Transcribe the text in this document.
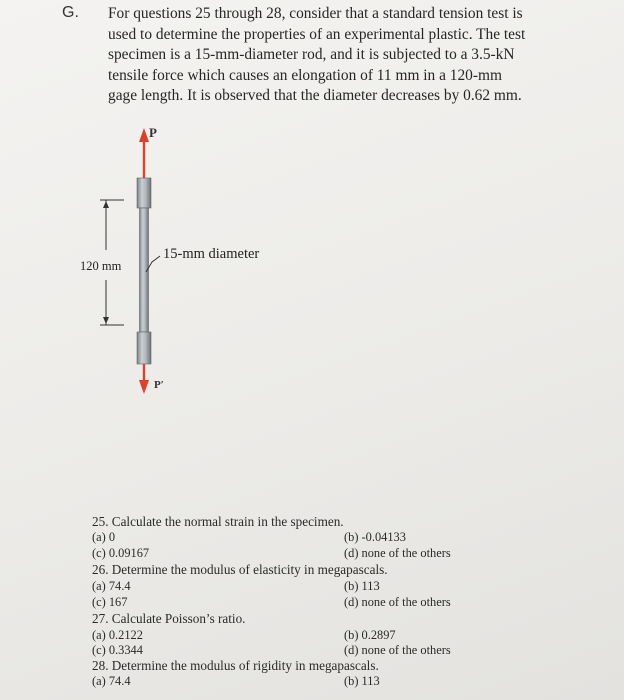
G. For questions 25 through 28, consider that a standard tension test is
used to determine the properties of an experimental plastic. The test
specimen is a 15-mm-diameter rod, and it is subjected to a 3.5-kN
tensile force which causes an elongation of 11 mm in a 120-mm
gage length. It is observed that the diameter decreases by 0.62 mm.
P
P′
15-mm diameter
120 mm
25. Calculate the normal strain in the specimen.
(a) 0	(b) -0.04133
(c) 0.09167	(d) none of the others
26. Determine the modulus of elasticity in megapascals.
(a) 74.4	(b) 113
(c) 167	(d) none of the others
27. Calculate Poisson’s ratio.
(a) 0.2122	(b) 0.2897
(c) 0.3344	(d) none of the others
28. Determine the modulus of rigidity in megapascals.
(a) 74.4	(b) 113
